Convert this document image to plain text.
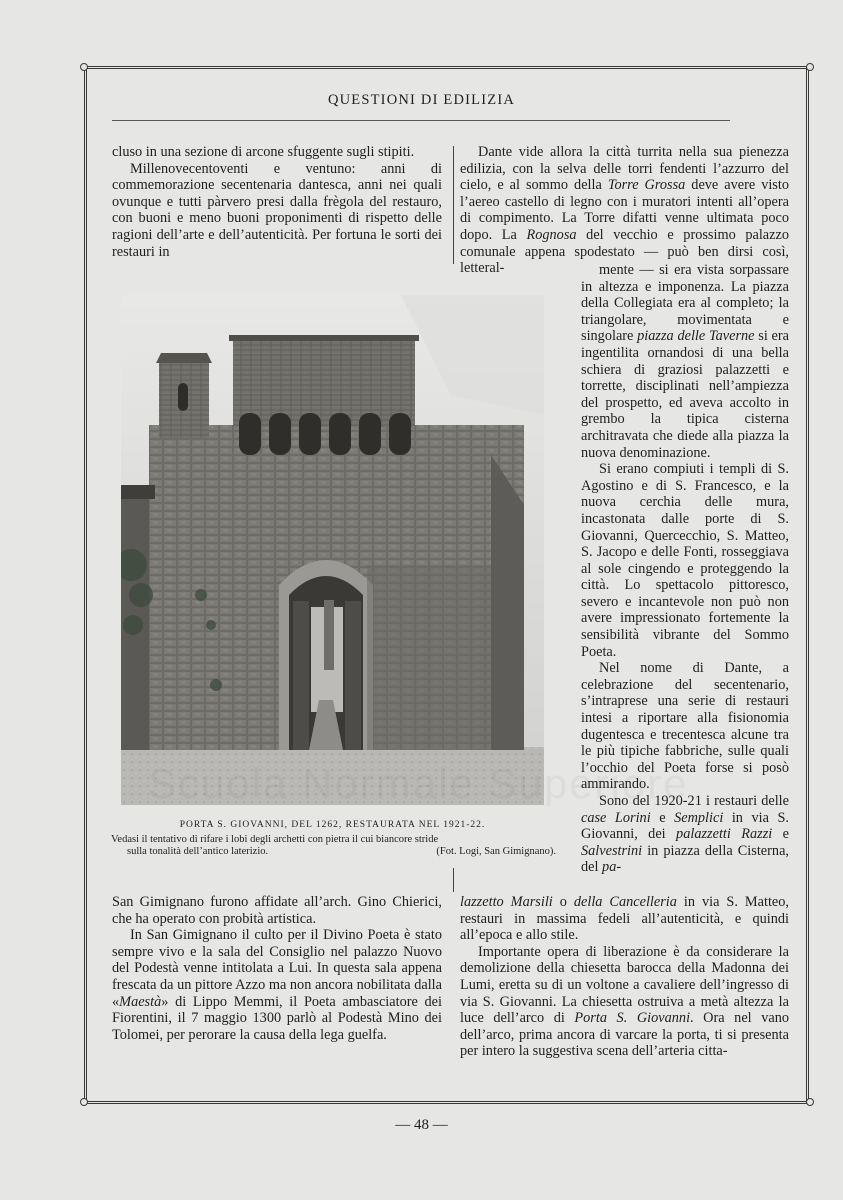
QUESTIONI DI EDILIZIA

cluso in una sezione di arcone sfuggente sugli stipiti.

Millenovecentoventi e ventuno: anni di commemorazione secentenaria dantesca, anni nei quali ovunque e tutti pàrvero presi dalla frègola del restauro, con buoni e meno buoni proponimenti di rispetto delle ragioni dell’arte e dell’autenticità. Per fortuna le sorti dei restauri in

Dante vide allora la città turrita nella sua pienezza edilizia, con la selva delle torri fendenti l’azzurro del cielo, e al sommo della Torre Grossa deve avere visto l’aereo castello di legno con i muratori intenti all’opera di compimento. La Torre difatti venne ultimata poco dopo. La Rognosa del vecchio e prossimo palazzo comunale appena spodestato — può ben dirsi così, letteral-	mente — si era vista sorpassare in altezza e imponenza. La piazza della Collegiata era al completo; la triangolare, movimentata e singolare piazza delle Taverne si era ingentilita ornandosi di una bella schiera di graziosi palazzetti e torrette, disciplinati nell’ampiezza del prospetto, ed aveva accolto in grembo la tipica cisterna architravata che diede alla piazza la nuova denominazione.

Si erano compiuti i templi di S. Agostino e di S. Francesco, e la nuova cerchia delle mura, incastonata dalle porte di S. Giovanni, Quercecchio, S. Matteo, S. Jacopo e delle Fonti, rosseggiava al sole cingendo e proteggendo la città. Lo spettacolo pittoresco, severo e incantevole non può non avere impressionato fortemente la sensibilità vibrante del Sommo Poeta.

Nel nome di Dante, a celebrazione del secentenario, s’intraprese una serie di restauri intesi a riportare alla fisionomia dugentesca e trecentesca alcune tra le più tipiche fabbriche, sulle quali l’occhio del Poeta forse si posò ammirando.

Sono del 1920-21 i restauri delle case Lorini e Semplici in via S. Giovanni, dei palazzetti Razzi e Salvestrini in piazza della Cisterna, del pa-

PORTA S. GIOVANNI, DEL 1262, RESTAURATA NEL 1921-22.
Vedasi il tentativo di rifare i lobi degli archetti con pietra il cui biancore stride
sulla tonalità dell’antico laterizio.	(Fot. Logi, San Gimignano).

San Gimignano furono affidate all’arch. Gino Chierici, che ha operato con probità artistica.

In San Gimignano il culto per il Divino Poeta è stato sempre vivo e la sala del Consiglio nel palazzo Nuovo del Podestà venne intitolata a Lui. In questa sala appena frescata da un pittore Azzo ma non ancora nobilitata dalla «Maestà» di Lippo Memmi, il Poeta ambasciatore dei Fiorentini, il 7 maggio 1300 parlò al Podestà Mino dei Tolomei, per perorare la causa della lega guelfa.

lazzetto Marsili o della Cancelleria in via S. Matteo, restauri in massima fedeli all’autenticità, e quindi all’epoca e allo stile.

Importante opera di liberazione è da considerare la demolizione della chiesetta barocca della Madonna dei Lumi, eretta su di un voltone a cavaliere dell’ingresso di via S. Giovanni. La chiesetta ostruiva a metà altezza la luce dell’arco di Porta S. Giovanni. Ora nel vano dell’arco, prima ancora di varcare la porta, ti si presenta per intero la suggestiva scena dell’arteria citta-

— 48 —
